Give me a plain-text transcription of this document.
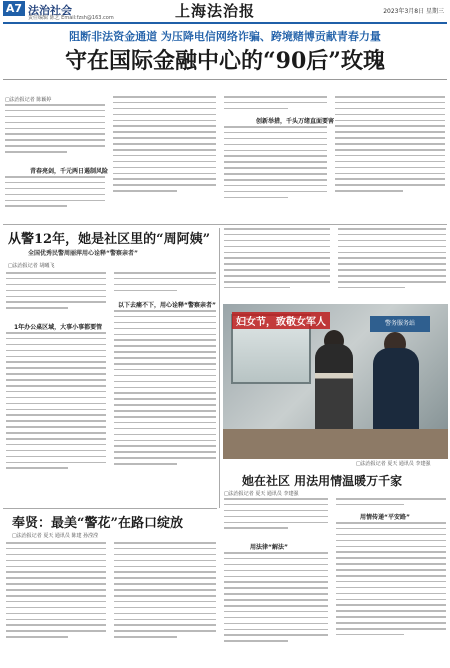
A7 法治社会
责任编辑 陈艺 Email:fzsh@163.com	上海法治报	2023年3月8日 星期三
阻断非法资金通道 为压降电信网络诈骗、跨境赌博贡献青春力量
守在国际金融中心的“90后”玫瑰
□法治报记者 陈颖婷
青春亮剑，千元两日遏制风险
创新举措，千头万绪直面要害
从警12年，她是社区里的“周阿姨”
全国优秀民警周丽萍用心诠释“警察亲者”
□法治报记者 胡曦飞
1年办公桌区域，大事小事都要管
以下去痛不下，用心诠释“警察亲者”
警务服务站
妇女节，致敬女军人
□法治报记者 夏天 通讯员 李建强
她在社区 用法用情温暖万千家
□法治报记者 夏天 通讯员 李建强
用法律“解法”
用情传递“平安路”
奉贤：最美“警花”在路口绽放
□法治报记者 夏天 通讯员 陈建 孙滢滢
